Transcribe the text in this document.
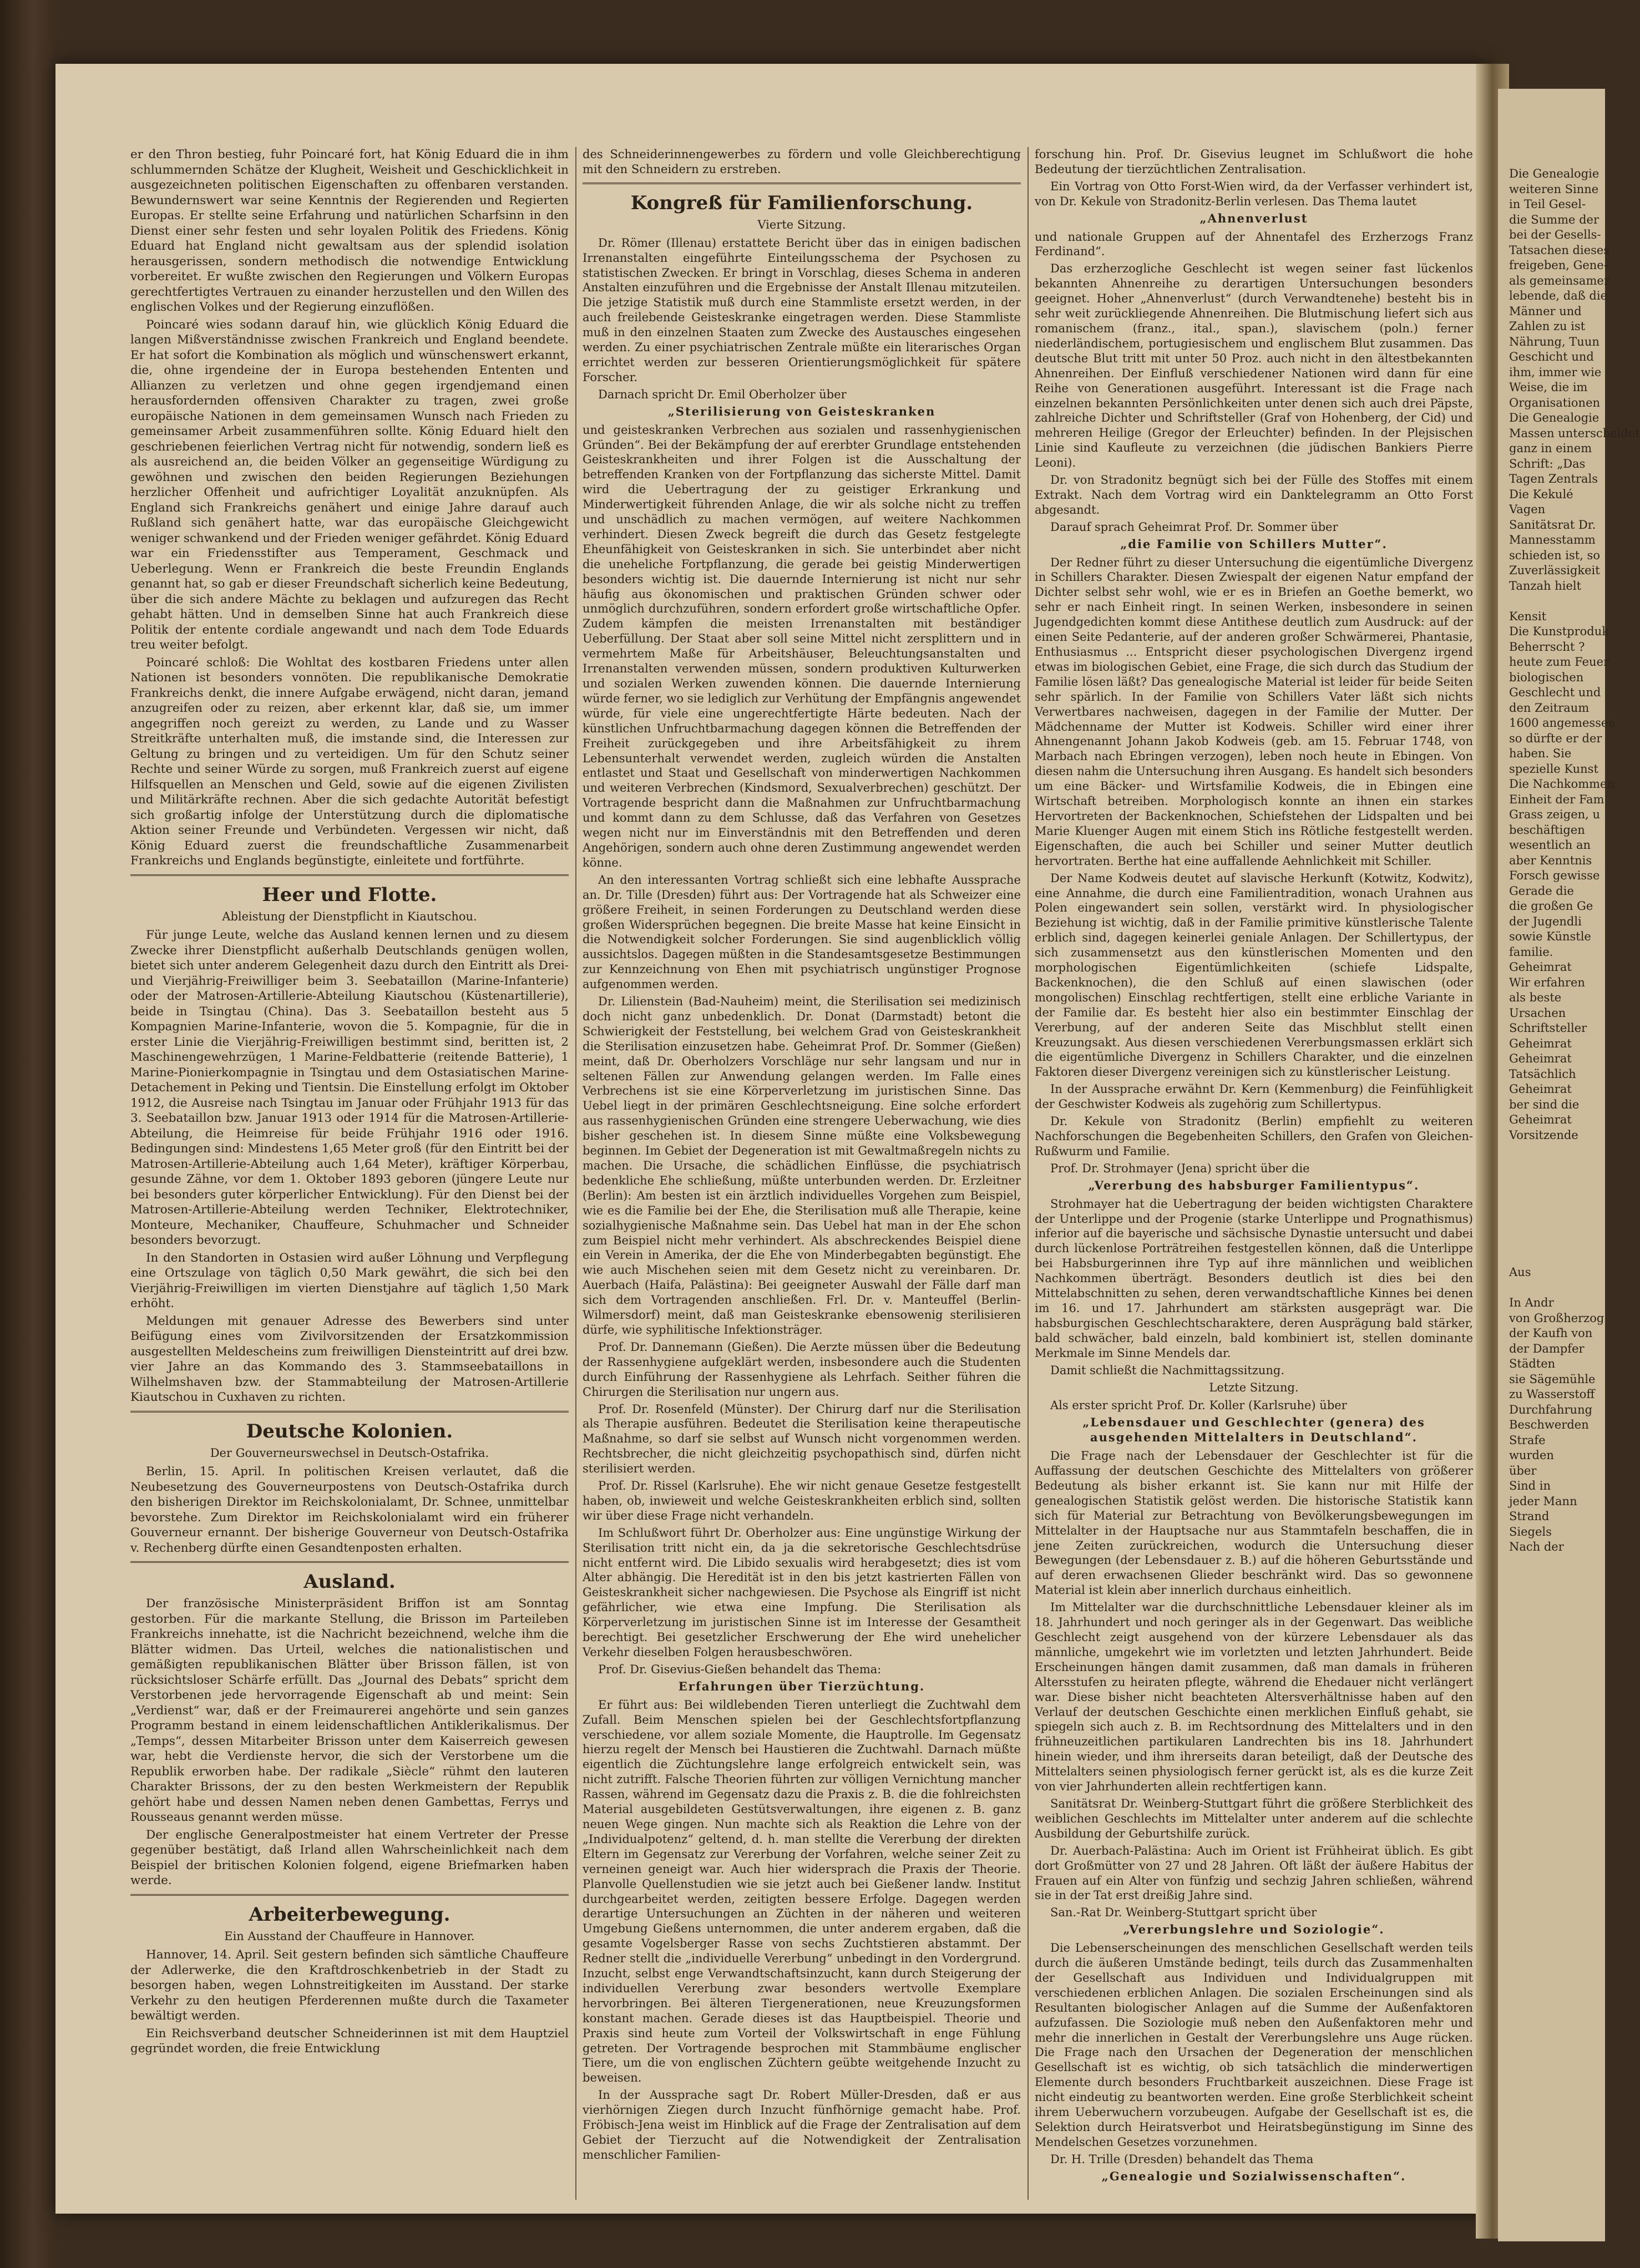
er den Thron bestieg, fuhr Poincaré fort, hat König Eduard die in ihm schlummernden Schätze der Klugheit, Weisheit und Geschicklichkeit in ausgezeichneten politischen Eigenschaften zu offenbaren verstanden. Bewundernswert war seine Kenntnis der Regierenden und Regierten Europas. Er stellte seine Erfahrung und natürlichen Scharfsinn in den Dienst einer sehr festen und sehr loyalen Politik des Friedens. König Eduard hat England nicht gewaltsam aus der splendid isolation herausgerissen, sondern methodisch die notwendige Entwicklung vorbereitet. Er wußte zwischen den Regierungen und Völkern Europas gerechtfertigtes Vertrauen zu einander herzustellen und den Willen des englischen Volkes und der Regierung einzuflößen.

Poincaré wies sodann darauf hin, wie glücklich König Eduard die langen Mißverständnisse zwischen Frankreich und England beendete. Er hat sofort die Kombination als möglich und wünschenswert erkannt, die, ohne irgendeine der in Europa bestehenden Ententen und Allianzen zu verletzen und ohne gegen irgendjemand einen herausfordernden offensiven Charakter zu tragen, zwei große europäische Nationen in dem gemeinsamen Wunsch nach Frieden zu gemeinsamer Arbeit zusammenführen sollte. König Eduard hielt den geschriebenen feierlichen Vertrag nicht für notwendig, sondern ließ es als ausreichend an, die beiden Völker an gegenseitige Würdigung zu gewöhnen und zwischen den beiden Regierungen Beziehungen herzlicher Offenheit und aufrichtiger Loyalität anzuknüpfen. Als England sich Frankreichs genähert und einige Jahre darauf auch Rußland sich genähert hatte, war das europäische Gleichgewicht weniger schwankend und der Frieden weniger gefährdet. König Eduard war ein Friedensstifter aus Temperament, Geschmack und Ueberlegung. Wenn er Frankreich die beste Freundin Englands genannt hat, so gab er dieser Freundschaft sicherlich keine Bedeutung, über die sich andere Mächte zu beklagen und aufzuregen das Recht gehabt hätten. Und in demselben Sinne hat auch Frankreich diese Politik der entente cordiale angewandt und nach dem Tode Eduards treu weiter befolgt.

Poincaré schloß: Die Wohltat des kostbaren Friedens unter allen Nationen ist besonders vonnöten. Die republikanische Demokratie Frankreichs denkt, die innere Aufgabe erwägend, nicht daran, jemand anzugreifen oder zu reizen, aber erkennt klar, daß sie, um immer angegriffen noch gereizt zu werden, zu Lande und zu Wasser Streitkräfte unterhalten muß, die imstande sind, die Interessen zur Geltung zu bringen und zu verteidigen. Um für den Schutz seiner Rechte und seiner Würde zu sorgen, muß Frankreich zuerst auf eigene Hilfsquellen an Menschen und Geld, sowie auf die eigenen Zivilisten und Militärkräfte rechnen. Aber die sich gedachte Autorität befestigt sich großartig infolge der Unterstützung durch die diplomatische Aktion seiner Freunde und Verbündeten. Vergessen wir nicht, daß König Eduard zuerst die freundschaftliche Zusammenarbeit Frankreichs und Englands begünstigte, einleitete und fortführte.

Heer und Flotte.
Ableistung der Dienstpflicht in Kiautschou.

Für junge Leute, welche das Ausland kennen lernen und zu diesem Zwecke ihrer Dienstpflicht außerhalb Deutschlands genügen wollen, bietet sich unter anderem Gelegenheit dazu durch den Eintritt als Drei- und Vierjährig-Freiwilliger beim 3. Seebataillon (Marine-Infanterie) oder der Matrosen-Artillerie-Abteilung Kiautschou (Küstenartillerie), beide in Tsingtau (China). Das 3. Seebataillon besteht aus 5 Kompagnien Marine-Infanterie, wovon die 5. Kompagnie, für die in erster Linie die Vierjährig-Freiwilligen bestimmt sind, beritten ist, 2 Maschinengewehrzügen, 1 Marine-Feldbatterie (reitende Batterie), 1 Marine-Pionierkompagnie in Tsingtau und dem Ostasiatischen Marine-Detachement in Peking und Tientsin. Die Einstellung erfolgt im Oktober 1912, die Ausreise nach Tsingtau im Januar oder Frühjahr 1913 für das 3. Seebataillon bzw. Januar 1913 oder 1914 für die Matrosen-Artillerie-Abteilung, die Heimreise für beide Frühjahr 1916 oder 1916. Bedingungen sind: Mindestens 1,65 Meter groß (für den Eintritt bei der Matrosen-Artillerie-Abteilung auch 1,64 Meter), kräftiger Körperbau, gesunde Zähne, vor dem 1. Oktober 1893 geboren (jüngere Leute nur bei besonders guter körperlicher Entwicklung). Für den Dienst bei der Matrosen-Artillerie-Abteilung werden Techniker, Elektrotechniker, Monteure, Mechaniker, Chauffeure, Schuhmacher und Schneider besonders bevorzugt.

In den Standorten in Ostasien wird außer Löhnung und Verpflegung eine Ortszulage von täglich 0,50 Mark gewährt, die sich bei den Vierjährig-Freiwilligen im vierten Dienstjahre auf täglich 1,50 Mark erhöht.

Meldungen mit genauer Adresse des Bewerbers sind unter Beifügung eines vom Zivilvorsitzenden der Ersatzkommission ausgestellten Meldescheins zum freiwilligen Diensteintritt auf drei bzw. vier Jahre an das Kommando des 3. Stammseebataillons in Wilhelmshaven bzw. der Stammabteilung der Matrosen-Artillerie Kiautschou in Cuxhaven zu richten.

Deutsche Kolonien.
Der Gouverneurswechsel in Deutsch-Ostafrika.

Berlin, 15. April. In politischen Kreisen verlautet, daß die Neubesetzung des Gouverneurpostens von Deutsch-Ostafrika durch den bisherigen Direktor im Reichskolonialamt, Dr. Schnee, unmittelbar bevorstehe. Zum Direktor im Reichskolonialamt wird ein früherer Gouverneur ernannt. Der bisherige Gouverneur von Deutsch-Ostafrika v. Rechenberg dürfte einen Gesandtenposten erhalten.

Ausland.

Der französische Ministerpräsident Briffon ist am Sonntag gestorben. Für die markante Stellung, die Brisson im Parteileben Frankreichs innehatte, ist die Nachricht bezeichnend, welche ihm die Blätter widmen. Das Urteil, welches die nationalistischen und gemäßigten republikanischen Blätter über Brisson fällen, ist von rücksichtsloser Schärfe erfüllt. Das „Journal des Debats“ spricht dem Verstorbenen jede hervorragende Eigenschaft ab und meint: Sein „Verdienst“ war, daß er der Freimaurerei angehörte und sein ganzes Programm bestand in einem leidenschaftlichen Antiklerikalismus. Der „Temps“, dessen Mitarbeiter Brisson unter dem Kaiserreich gewesen war, hebt die Verdienste hervor, die sich der Verstorbene um die Republik erworben habe. Der radikale „Siècle“ rühmt den lauteren Charakter Brissons, der zu den besten Werkmeistern der Republik gehört habe und dessen Namen neben denen Gambettas, Ferrys und Rousseaus genannt werden müsse.

Der englische Generalpostmeister hat einem Vertreter der Presse gegenüber bestätigt, daß Irland allen Wahrscheinlichkeit nach dem Beispiel der britischen Kolonien folgend, eigene Briefmarken haben werde.

Arbeiterbewegung.
Ein Ausstand der Chauffeure in Hannover.

Hannover, 14. April. Seit gestern befinden sich sämtliche Chauffeure der Adlerwerke, die den Kraftdroschkenbetrieb in der Stadt zu besorgen haben, wegen Lohnstreitigkeiten im Ausstand. Der starke Verkehr zu den heutigen Pferderennen mußte durch die Taxameter bewältigt werden.

Ein Reichsverband deutscher Schneiderinnen ist mit dem Hauptziel gegründet worden, die freie Entwicklung

des Schneiderinnengewerbes zu fördern und volle Gleichberechtigung mit den Schneidern zu erstreben.

Kongreß für Familienforschung.
Vierte Sitzung.

Dr. Römer (Illenau) erstattete Bericht über das in einigen badischen Irrenanstalten eingeführte Einteilungsschema der Psychosen zu statistischen Zwecken. Er bringt in Vorschlag, dieses Schema in anderen Anstalten einzuführen und die Ergebnisse der Anstalt Illenau mitzuteilen. Die jetzige Statistik muß durch eine Stammliste ersetzt werden, in der auch freilebende Geisteskranke eingetragen werden. Diese Stammliste muß in den einzelnen Staaten zum Zwecke des Austausches eingesehen werden. Zu einer psychiatrischen Zentrale müßte ein literarisches Organ errichtet werden zur besseren Orientierungsmöglichkeit für spätere Forscher.

Darnach spricht Dr. Emil Oberholzer über

„Sterilisierung von Geisteskranken

und geisteskranken Verbrechen aus sozialen und rassenhygienischen Gründen“. Bei der Bekämpfung der auf ererbter Grundlage entstehenden Geisteskrankheiten und ihrer Folgen ist die Ausschaltung der betreffenden Kranken von der Fortpflanzung das sicherste Mittel. Damit wird die Uebertragung der zu geistiger Erkrankung und Minderwertigkeit führenden Anlage, die wir als solche nicht zu treffen und unschädlich zu machen vermögen, auf weitere Nachkommen verhindert. Diesen Zweck begreift die durch das Gesetz festgelegte Eheunfähigkeit von Geisteskranken in sich. Sie unterbindet aber nicht die uneheliche Fortpflanzung, die gerade bei geistig Minderwertigen besonders wichtig ist. Die dauernde Internierung ist nicht nur sehr häufig aus ökonomischen und praktischen Gründen schwer oder unmöglich durchzuführen, sondern erfordert große wirtschaftliche Opfer. Zudem kämpfen die meisten Irrenanstalten mit beständiger Ueberfüllung. Der Staat aber soll seine Mittel nicht zersplittern und in vermehrtem Maße für Arbeitshäuser, Beleuchtungsanstalten und Irrenanstalten verwenden müssen, sondern produktiven Kulturwerken und sozialen Werken zuwenden können. Die dauernde Internierung würde ferner, wo sie lediglich zur Verhütung der Empfängnis angewendet würde, für viele eine ungerechtfertigte Härte bedeuten. Nach der künstlichen Unfruchtbarmachung dagegen können die Betreffenden der Freiheit zurückgegeben und ihre Arbeitsfähigkeit zu ihrem Lebensunterhalt verwendet werden, zugleich würden die Anstalten entlastet und Staat und Gesellschaft von minderwertigen Nachkommen und weiteren Verbrechen (Kindsmord, Sexualverbrechen) geschützt. Der Vortragende bespricht dann die Maßnahmen zur Unfruchtbarmachung und kommt dann zu dem Schlusse, daß das Verfahren von Gesetzes wegen nicht nur im Einverständnis mit den Betreffenden und deren Angehörigen, sondern auch ohne deren Zustimmung angewendet werden könne.

An den interessanten Vortrag schließt sich eine lebhafte Aussprache an. Dr. Tille (Dresden) führt aus: Der Vortragende hat als Schweizer eine größere Freiheit, in seinen Forderungen zu Deutschland werden diese großen Widersprüchen begegnen. Die breite Masse hat keine Einsicht in die Notwendigkeit solcher Forderungen. Sie sind augenblicklich völlig aussichtslos. Dagegen müßten in die Standesamtsgesetze Bestimmungen zur Kennzeichnung von Ehen mit psychiatrisch ungünstiger Prognose aufgenommen werden.

Dr. Lilienstein (Bad-Nauheim) meint, die Sterilisation sei medizinisch doch nicht ganz unbedenklich. Dr. Donat (Darmstadt) betont die Schwierigkeit der Feststellung, bei welchem Grad von Geisteskrankheit die Sterilisation einzusetzen habe. Geheimrat Prof. Dr. Sommer (Gießen) meint, daß Dr. Oberholzers Vorschläge nur sehr langsam und nur in seltenen Fällen zur Anwendung gelangen werden. Im Falle eines Verbrechens ist sie eine Körperverletzung im juristischen Sinne. Das Uebel liegt in der primären Geschlechtsneigung. Eine solche erfordert aus rassenhygienischen Gründen eine strengere Ueberwachung, wie dies bisher geschehen ist. In diesem Sinne müßte eine Volksbewegung beginnen. Im Gebiet der Degeneration ist mit Gewaltmaßregeln nichts zu machen. Die Ursache, die schädlichen Einflüsse, die psychiatrisch bedenkliche Ehe schließung, müßte unterbunden werden. Dr. Erzleitner (Berlin): Am besten ist ein ärztlich individuelles Vorgehen zum Beispiel, wie es die Familie bei der Ehe, die Sterilisation muß alle Therapie, keine sozialhygienische Maßnahme sein. Das Uebel hat man in der Ehe schon zum Beispiel nicht mehr verhindert. Als abschreckendes Beispiel diene ein Verein in Amerika, der die Ehe von Minderbegabten begünstigt. Ehe wie auch Mischehen seien mit dem Gesetz nicht zu vereinbaren. Dr. Auerbach (Haifa, Palästina): Bei geeigneter Auswahl der Fälle darf man sich dem Vortragenden anschließen. Frl. Dr. v. Manteuffel (Berlin-Wilmersdorf) meint, daß man Geisteskranke ebensowenig sterilisieren dürfe, wie syphilitische Infektionsträger.

Prof. Dr. Dannemann (Gießen). Die Aerzte müssen über die Bedeutung der Rassenhygiene aufgeklärt werden, insbesondere auch die Studenten durch Einführung der Rassenhygiene als Lehrfach. Seither führen die Chirurgen die Sterilisation nur ungern aus.

Prof. Dr. Rosenfeld (Münster). Der Chirurg darf nur die Sterilisation als Therapie ausführen. Bedeutet die Sterilisation keine therapeutische Maßnahme, so darf sie selbst auf Wunsch nicht vorgenommen werden. Rechtsbrecher, die nicht gleichzeitig psychopathisch sind, dürfen nicht sterilisiert werden.

Prof. Dr. Rissel (Karlsruhe). Ehe wir nicht genaue Gesetze festgestellt haben, ob, inwieweit und welche Geisteskrankheiten erblich sind, sollten wir über diese Frage nicht verhandeln.

Im Schlußwort führt Dr. Oberholzer aus: Eine ungünstige Wirkung der Sterilisation tritt nicht ein, da ja die sekretorische Geschlechtsdrüse nicht entfernt wird. Die Libido sexualis wird herabgesetzt; dies ist vom Alter abhängig. Die Heredität ist in den bis jetzt kastrierten Fällen von Geisteskrankheit sicher nachgewiesen. Die Psychose als Eingriff ist nicht gefährlicher, wie etwa eine Impfung. Die Sterilisation als Körperverletzung im juristischen Sinne ist im Interesse der Gesamtheit berechtigt. Bei gesetzlicher Erschwerung der Ehe wird unehelicher Verkehr dieselben Folgen herausbeschwören.

Prof. Dr. Gisevius-Gießen behandelt das Thema:

Erfahrungen über Tierzüchtung.

Er führt aus: Bei wildlebenden Tieren unterliegt die Zuchtwahl dem Zufall. Beim Menschen spielen bei der Geschlechtsfortpflanzung verschiedene, vor allem soziale Momente, die Hauptrolle. Im Gegensatz hierzu regelt der Mensch bei Haustieren die Zuchtwahl. Darnach müßte eigentlich die Züchtungslehre lange erfolgreich entwickelt sein, was nicht zutrifft. Falsche Theorien führten zur völligen Vernichtung mancher Rassen, während im Gegensatz dazu die Praxis z. B. die die fohlreichsten Material ausgebildeten Gestütsverwaltungen, ihre eigenen z. B. ganz neuen Wege gingen. Nun machte sich als Reaktion die Lehre von der „Individualpotenz“ geltend, d. h. man stellte die Vererbung der direkten Eltern im Gegensatz zur Vererbung der Vorfahren, welche seiner Zeit zu verneinen geneigt war. Auch hier widersprach die Praxis der Theorie. Planvolle Quellenstudien wie sie jetzt auch bei Gießener landw. Institut durchgearbeitet werden, zeitigten bessere Erfolge. Dagegen werden derartige Untersuchungen an Züchten in der näheren und weiteren Umgebung Gießens unternommen, die unter anderem ergaben, daß die gesamte Vogelsberger Rasse von sechs Zuchtstieren abstammt. Der Redner stellt die „individuelle Vererbung“ unbedingt in den Vordergrund. Inzucht, selbst enge Verwandtschaftsinzucht, kann durch Steigerung der individuellen Vererbung zwar besonders wertvolle Exemplare hervorbringen. Bei älteren Tiergenerationen, neue Kreuzungsformen konstant machen. Gerade dieses ist das Hauptbeispiel. Theorie und Praxis sind heute zum Vorteil der Volkswirtschaft in enge Fühlung getreten. Der Vortragende besprochen mit Stammbäume englischer Tiere, um die von englischen Züchtern geübte weitgehende Inzucht zu beweisen.

In der Aussprache sagt Dr. Robert Müller-Dresden, daß er aus vierhörnigen Ziegen durch Inzucht fünfhörnige gemacht habe. Prof. Fröbisch-Jena weist im Hinblick auf die Frage der Zentralisation auf dem Gebiet der Tierzucht auf die Notwendigkeit der Zentralisation menschlicher Familien-

forschung hin. Prof. Dr. Gisevius leugnet im Schlußwort die hohe Bedeutung der tierzüchtlichen Zentralisation.

Ein Vortrag von Otto Forst-Wien wird, da der Verfasser verhindert ist, von Dr. Kekule von Stradonitz-Berlin verlesen. Das Thema lautet

„Ahnenverlust

und nationale Gruppen auf der Ahnentafel des Erzherzogs Franz Ferdinand“.

Das erzherzogliche Geschlecht ist wegen seiner fast lückenlos bekannten Ahnenreihe zu derartigen Untersuchungen besonders geeignet. Hoher „Ahnenverlust“ (durch Verwandtenehe) besteht bis in sehr weit zurückliegende Ahnenreihen. Die Blutmischung liefert sich aus romanischem (franz., ital., span.), slavischem (poln.) ferner niederländischem, portugiesischem und englischem Blut zusammen. Das deutsche Blut tritt mit unter 50 Proz. auch nicht in den ältestbekannten Ahnenreihen. Der Einfluß verschiedener Nationen wird dann für eine Reihe von Generationen ausgeführt. Interessant ist die Frage nach einzelnen bekannten Persönlichkeiten unter denen sich auch drei Päpste, zahlreiche Dichter und Schriftsteller (Graf von Hohenberg, der Cid) und mehreren Heilige (Gregor der Erleuchter) befinden. In der Plejsischen Linie sind Kaufleute zu verzeichnen (die jüdischen Bankiers Pierre Leoni).

Dr. von Stradonitz begnügt sich bei der Fülle des Stoffes mit einem Extrakt. Nach dem Vortrag wird ein Danktelegramm an Otto Forst abgesandt.

Darauf sprach Geheimrat Prof. Dr. Sommer über

„die Familie von Schillers Mutter“.

Der Redner führt zu dieser Untersuchung die eigentümliche Divergenz in Schillers Charakter. Diesen Zwiespalt der eigenen Natur empfand der Dichter selbst sehr wohl, wie er es in Briefen an Goethe bemerkt, wo sehr er nach Einheit ringt. In seinen Werken, insbesondere in seinen Jugendgedichten kommt diese Antithese deutlich zum Ausdruck: auf der einen Seite Pedanterie, auf der anderen großer Schwärmerei, Phantasie, Enthusiasmus ... Entspricht dieser psychologischen Divergenz irgend etwas im biologischen Gebiet, eine Frage, die sich durch das Studium der Familie lösen läßt? Das genealogische Material ist leider für beide Seiten sehr spärlich. In der Familie von Schillers Vater läßt sich nichts Verwertbares nachweisen, dagegen in der Familie der Mutter. Der Mädchenname der Mutter ist Kodweis. Schiller wird einer ihrer Ahnengenannt Johann Jakob Kodweis (geb. am 15. Februar 1748, von Marbach nach Ebringen verzogen), leben noch heute in Ebingen. Von diesen nahm die Untersuchung ihren Ausgang. Es handelt sich besonders um eine Bäcker- und Wirtsfamilie Kodweis, die in Ebingen eine Wirtschaft betreiben. Morphologisch konnte an ihnen ein starkes Hervortreten der Backenknochen, Schiefstehen der Lidspalten und bei Marie Kluenger Augen mit einem Stich ins Rötliche festgestellt werden. Eigenschaften, die auch bei Schiller und seiner Mutter deutlich hervortraten. Berthe hat eine auffallende Aehnlichkeit mit Schiller.

Der Name Kodweis deutet auf slavische Herkunft (Kotwitz, Kodwitz), eine Annahme, die durch eine Familientradition, wonach Urahnen aus Polen eingewandert sein sollen, verstärkt wird. In physiologischer Beziehung ist wichtig, daß in der Familie primitive künstlerische Talente erblich sind, dagegen keinerlei geniale Anlagen. Der Schillertypus, der sich zusammensetzt aus den künstlerischen Momenten und den morphologischen Eigentümlichkeiten (schiefe Lidspalte, Backenknochen), die den Schluß auf einen slawischen (oder mongolischen) Einschlag rechtfertigen, stellt eine erbliche Variante in der Familie dar. Es besteht hier also ein bestimmter Einschlag der Vererbung, auf der anderen Seite das Mischblut stellt einen Kreuzungsakt. Aus diesen verschiedenen Vererbungsmassen erklärt sich die eigentümliche Divergenz in Schillers Charakter, und die einzelnen Faktoren dieser Divergenz vereinigen sich zu künstlerischer Leistung.

In der Aussprache erwähnt Dr. Kern (Kemmenburg) die Feinfühligkeit der Geschwister Kodweis als zugehörig zum Schillertypus.

Dr. Kekule von Stradonitz (Berlin) empfiehlt zu weiteren Nachforschungen die Begebenheiten Schillers, den Grafen von Gleichen-Rußwurm und Familie.

Prof. Dr. Strohmayer (Jena) spricht über die

„Vererbung des habsburger Familientypus“.

Strohmayer hat die Uebertragung der beiden wichtigsten Charaktere der Unterlippe und der Progenie (starke Unterlippe und Prognathismus) inferior auf die bayerische und sächsische Dynastie untersucht und dabei durch lückenlose Porträtreihen festgestellen können, daß die Unterlippe bei Habsburgerinnen ihre Typ auf ihre männlichen und weiblichen Nachkommen überträgt. Besonders deutlich ist dies bei den Mittelabschnitten zu sehen, deren verwandtschaftliche Kinnes bei denen im 16. und 17. Jahrhundert am stärksten ausgeprägt war. Die habsburgischen Geschlechtscharaktere, deren Ausprägung bald stärker, bald schwächer, bald einzeln, bald kombiniert ist, stellen dominante Merkmale im Sinne Mendels dar.

Damit schließt die Nachmittagssitzung.

Letzte Sitzung.

Als erster spricht Prof. Dr. Koller (Karlsruhe) über

„Lebensdauer und Geschlechter (genera) des ausgehenden Mittelalters in Deutschland“.

Die Frage nach der Lebensdauer der Geschlechter ist für die Auffassung der deutschen Geschichte des Mittelalters von größerer Bedeutung als bisher erkannt ist. Sie kann nur mit Hilfe der genealogischen Statistik gelöst werden. Die historische Statistik kann sich für Material zur Betrachtung von Bevölkerungsbewegungen im Mittelalter in der Hauptsache nur aus Stammtafeln beschaffen, die in jene Zeiten zurückreichen, wodurch die Untersuchung dieser Bewegungen (der Lebensdauer z. B.) auf die höheren Geburtsstände und auf deren erwachsenen Glieder beschränkt wird. Das so gewonnene Material ist klein aber innerlich durchaus einheitlich.

Im Mittelalter war die durchschnittliche Lebensdauer kleiner als im 18. Jahrhundert und noch geringer als in der Gegenwart. Das weibliche Geschlecht zeigt ausgehend von der kürzere Lebensdauer als das männliche, umgekehrt wie im vorletzten und letzten Jahrhundert. Beide Erscheinungen hängen damit zusammen, daß man damals in früheren Altersstufen zu heiraten pflegte, während die Ehedauer nicht verlängert war. Diese bisher nicht beachteten Altersverhältnisse haben auf den Verlauf der deutschen Geschichte einen merklichen Einfluß gehabt, sie spiegeln sich auch z. B. im Rechtsordnung des Mittelalters und in den frühneuzeitlichen partikularen Landrechten bis ins 18. Jahrhundert hinein wieder, und ihm ihrerseits daran beteiligt, daß der Deutsche des Mittelalters seinen physiologisch ferner gerückt ist, als es die kurze Zeit von vier Jahrhunderten allein rechtfertigen kann.

Sanitätsrat Dr. Weinberg-Stuttgart führt die größere Sterblichkeit des weiblichen Geschlechts im Mittelalter unter anderem auf die schlechte Ausbildung der Geburtshilfe zurück.

Dr. Auerbach-Palästina: Auch im Orient ist Frühheirat üblich. Es gibt dort Großmütter von 27 und 28 Jahren. Oft läßt der äußere Habitus der Frauen auf ein Alter von fünfzig und sechzig Jahren schließen, während sie in der Tat erst dreißig Jahre sind.

San.-Rat Dr. Weinberg-Stuttgart spricht über

„Vererbungslehre und Soziologie“.

Die Lebenserscheinungen des menschlichen Gesellschaft werden teils durch die äußeren Umstände bedingt, teils durch das Zusammenhalten der Gesellschaft aus Individuen und Individualgruppen mit verschiedenen erblichen Anlagen. Die sozialen Erscheinungen sind als Resultanten biologischer Anlagen auf die Summe der Außenfaktoren aufzufassen. Die Soziologie muß neben den Außenfaktoren mehr und mehr die innerlichen in Gestalt der Vererbungslehre uns Auge rücken. Die Frage nach den Ursachen der Degeneration der menschlichen Gesellschaft ist es wichtig, ob sich tatsächlich die minderwertigen Elemente durch besonders Fruchtbarkeit auszeichnen. Diese Frage ist nicht eindeutig zu beantworten werden. Eine große Sterblichkeit scheint ihrem Ueberwuchern vorzubeugen. Aufgabe der Gesellschaft ist es, die Selektion durch Heiratsverbot und Heiratsbegünstigung im Sinne des Mendelschen Gesetzes vorzunehmen.

Dr. H. Trille (Dresden) behandelt das Thema

„Genealogie und Sozialwissenschaften“.
Die Genealogie
weiteren Sinne
in Teil Gesel-
die Summe der
bei der Gesells-
Tatsachen dieses
freigeben, Gene-
als gemeinsamer
lebende, daß die
Männer und
Zahlen zu ist
Nährung, Tuun
Geschicht und
ihm, immer wie
Weise, die im
Organisationen
Die Genealogie
Massen unterscheidet
ganz in einem
Schrift: „Das
Tagen Zentrals
Die Kekulé
Vagen
Sanitätsrat Dr.
Mannesstamm
schieden ist, so
Zuverlässigkeit
Tanzah hielt

Kensit
Die Kunstproduk
Beherrscht ?
heute zum Feuer
biologischen
Geschlecht und
den Zeitraum
1600 angemessen
so dürfte er der
haben. Sie
spezielle Kunst
Die Nachkommen
Einheit der Fam
Grass zeigen, u
beschäftigen
wesentlich an
aber Kenntnis
Forsch gewisse
Gerade die
die großen Ge
der Jugendli
sowie Künstle
familie.
Geheimrat
Wir erfahren
als beste
Ursachen
Schriftsteller
Geheimrat
Geheimrat
Tatsächlich
Geheimrat
ber sind die
Geheimrat
Vorsitzende

Aus

In Andr
von Großherzog
der Kaufh von
der Dampfer
Städten
sie Sägemühle
zu Wasserstoff
Durchfahrung
Beschwerden
Strafe
wurden
über
Sind in
jeder Mann
Strand
Siegels
Nach der
